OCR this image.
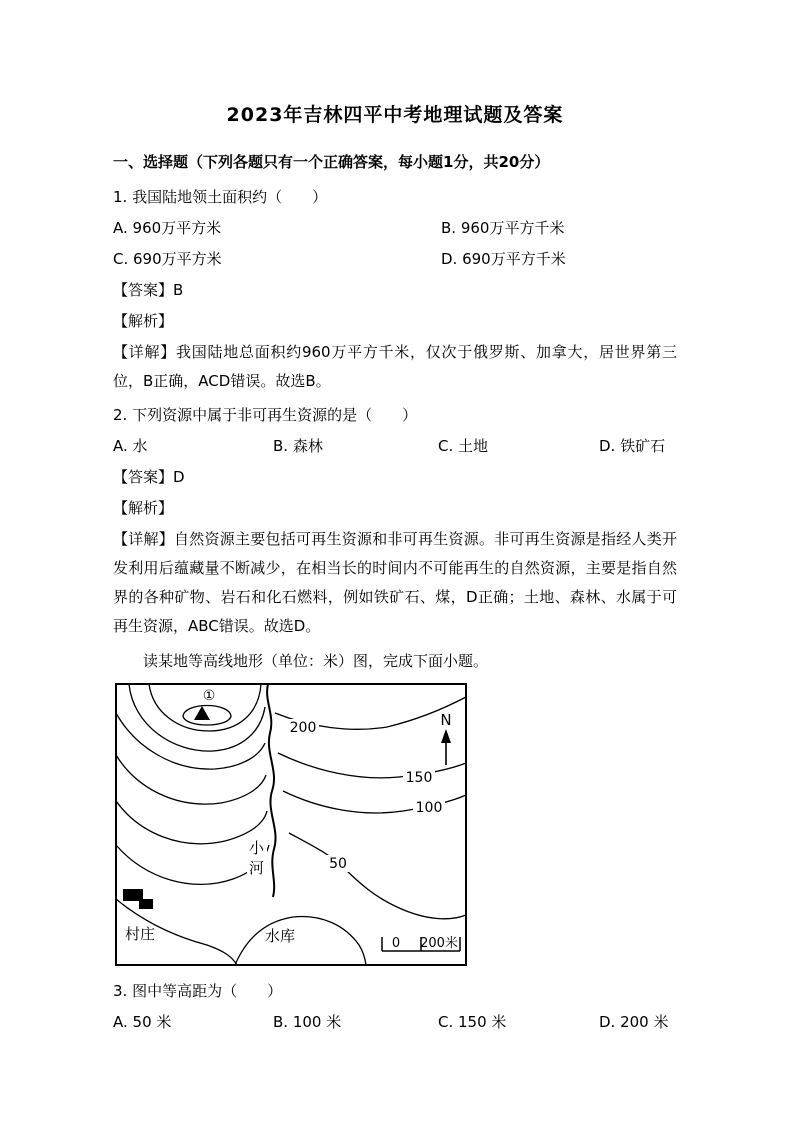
2023年吉林四平中考地理试题及答案
一、选择题（下列各题只有一个正确答案，每小题1分，共20分）

1. 我国陆地领土面积约（　　）

A. 960万平方米	B. 960万平方千米
C. 690万平方米	D. 690万平方千米

【答案】B

【解析】

【详解】我国陆地总面积约960万平方千米，仅次于俄罗斯、加拿大，居世界第三位，B正确，ACD错误。故选B。

2. 下列资源中属于非可再生资源的是（　　）

A. 水	B. 森林	C. 土地	D. 铁矿石

【答案】D

【解析】

【详解】自然资源主要包括可再生资源和非可再生资源。非可再生资源是指经人类开发利用后蕴藏量不断减少，在相当长的时间内不可能再生的自然资源，主要是指自然界的各种矿物、岩石和化石燃料，例如铁矿石、煤，D正确；土地、森林、水属于可再生资源，ABC错误。故选D。

读某地等高线地形（单位：米）图，完成下面小题。

200
150
100
50
①
N
小
河
村庄	水库	0 200米

3. 图中等高距为（　　）

A. 50 米	B. 100 米	C. 150 米	D. 200 米
